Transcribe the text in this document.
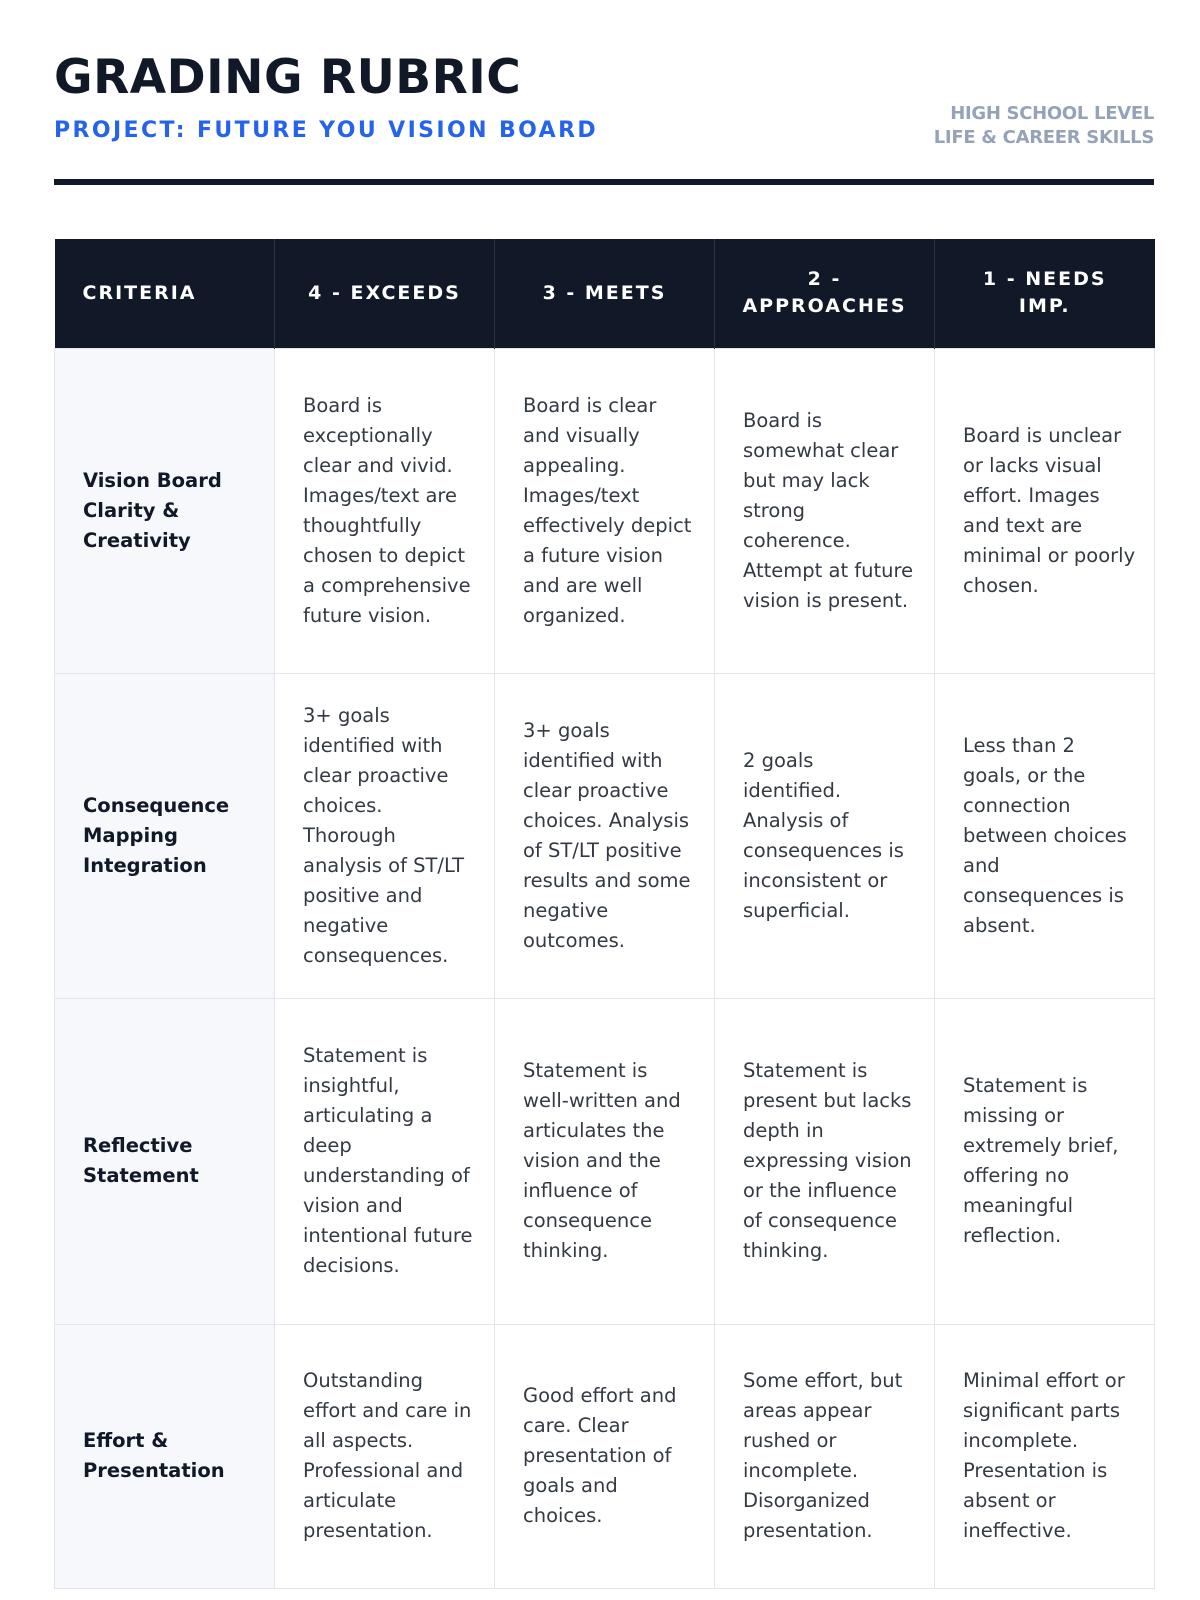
GRADING RUBRIC
PROJECT: FUTURE YOU VISION BOARD
HIGH SCHOOL LEVEL
LIFE & CAREER SKILLS
CRITERIA	4 - EXCEEDS	3 - MEETS	2 - APPROACHES	1 - NEEDS IMP.
Vision Board Clarity & Creativity	Board is exceptionally clear and vivid. Images/text are thoughtfully chosen to depict a comprehensive future vision.	Board is clear and visually appealing. Images/text effectively depict a future vision and are well organized.	Board is somewhat clear but may lack strong coherence. Attempt at future vision is present.	Board is unclear or lacks visual effort. Images and text are minimal or poorly chosen.
Consequence Mapping Integration	3+ goals identified with clear proactive choices. Thorough analysis of ST/LT positive and negative consequences.	3+ goals identified with clear proactive choices. Analysis of ST/LT positive results and some negative outcomes.	2 goals identified. Analysis of consequences is inconsistent or superficial.	Less than 2 goals, or the connection between choices and consequences is absent.
Reflective Statement	Statement is insightful, articulating a deep understanding of vision and intentional future decisions.	Statement is well-written and articulates the vision and the influence of consequence thinking.	Statement is present but lacks depth in expressing vision or the influence of consequence thinking.	Statement is missing or extremely brief, offering no meaningful reflection.
Effort & Presentation	Outstanding effort and care in all aspects. Professional and articulate presentation.	Good effort and care. Clear presentation of goals and choices.	Some effort, but areas appear rushed or incomplete. Disorganized presentation.	Minimal effort or significant parts incomplete. Presentation is absent or ineffective.
